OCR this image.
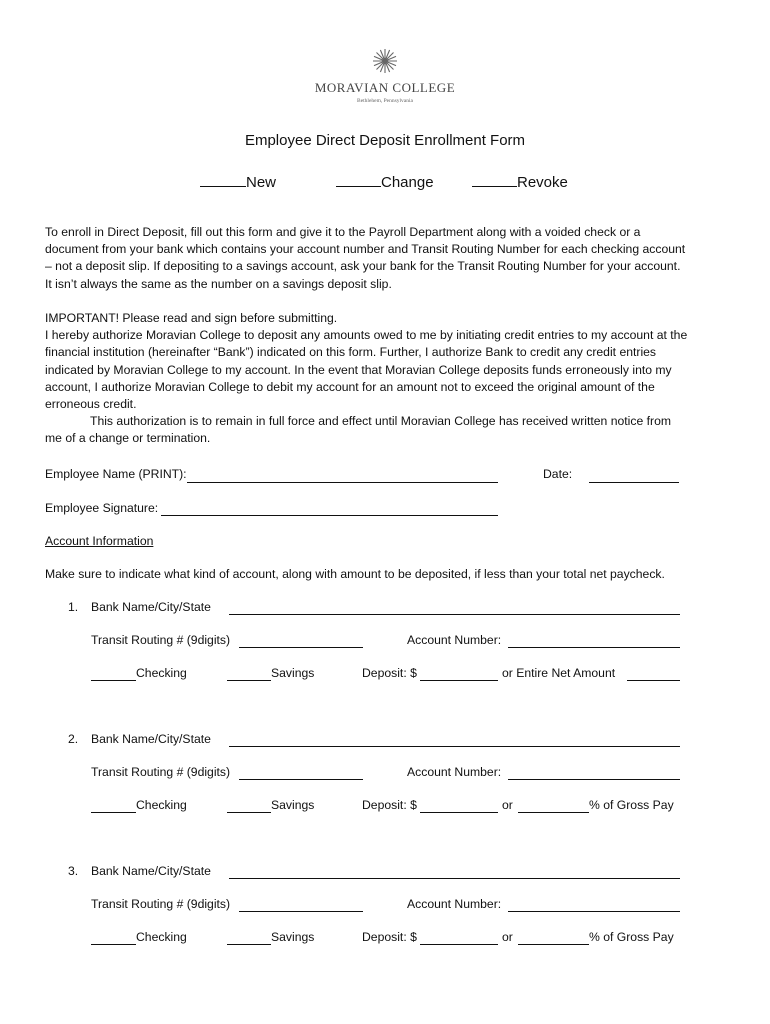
MORAVIAN COLLEGE
Bethlehem, Pennsylvania
Employee Direct Deposit Enrollment Form
New	Change	Revoke

To enroll in Direct Deposit, fill out this form and give it to the Payroll Department along with a voided check or a

document from your bank which contains your account number and Transit Routing Number for each checking account

– not a deposit slip. If depositing to a savings account, ask your bank for the Transit Routing Number for your account.

It isn’t always the same as the number on a savings deposit slip.

IMPORTANT! Please read and sign before submitting.

I hereby authorize Moravian College to deposit any amounts owed to me by initiating credit entries to my account at the

financial institution (hereinafter “Bank”) indicated on this form. Further, I authorize Bank to credit any credit entries

indicated by Moravian College to my account. In the event that Moravian College deposits funds erroneously into my

account, I authorize Moravian College to debit my account for an amount not to exceed the original amount of the

erroneous credit.

This authorization is to remain in full force and effect until Moravian College has received written notice from

me of a change or termination.

Employee Name (PRINT):	Date:
Employee Signature:
Account Information
Make sure to indicate what kind of account, along with amount to be deposited, if less than your total net paycheck.
1. Bank Name/City/State
Transit Routing # (9digits)	Account Number:
Checking	Savings	Deposit: $	or Entire Net Amount
2. Bank Name/City/State
Transit Routing # (9digits)	Account Number:
Checking	Savings	Deposit: $	or	% of Gross Pay
3. Bank Name/City/State
Transit Routing # (9digits)	Account Number:
Checking	Savings	Deposit: $	or	% of Gross Pay
